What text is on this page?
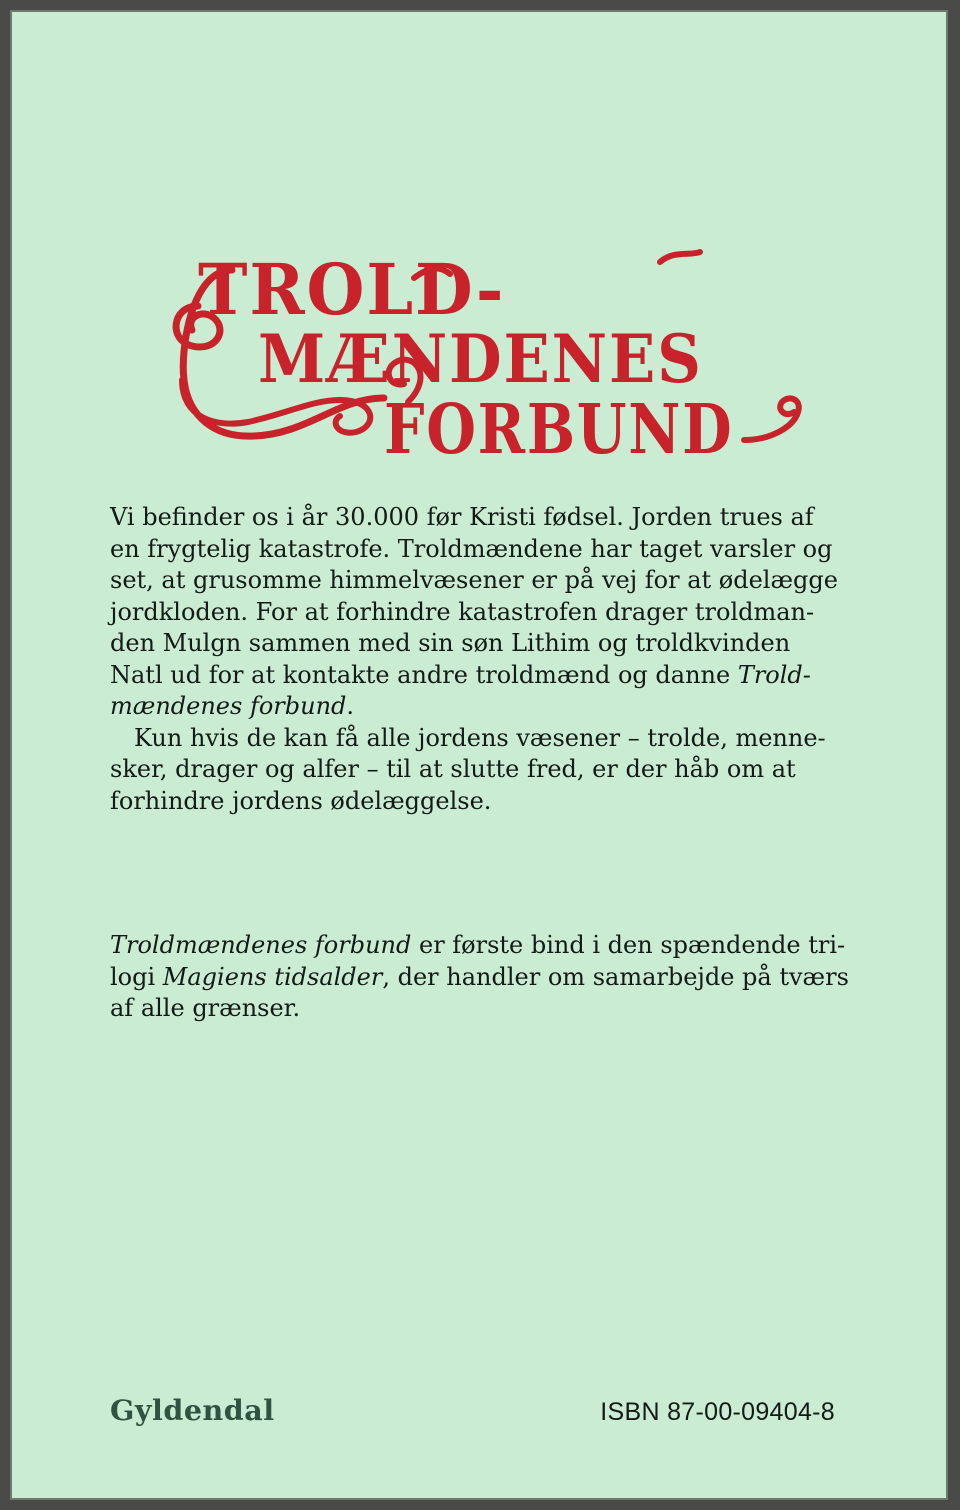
TROLD-
MÆNDENES
FORBUND

Vi befinder os i år 30.000 før Kristi fødsel. Jorden trues af
en frygtelig katastrofe. Troldmændene har taget varsler og
set, at grusomme himmelvæsener er på vej for at ødelægge
jordkloden. For at forhindre katastrofen drager troldman-
den Mulgn sammen med sin søn Lithim og troldkvinden
Natl ud for at kontakte andre troldmænd og danne Trold-
mændenes forbund.

Kun hvis de kan få alle jordens væsener – trolde, menne-
sker, drager og alfer – til at slutte fred, er der håb om at
forhindre jordens ødelæggelse.

Troldmændenes forbund er første bind i den spændende tri-
logi Magiens tidsalder, der handler om samarbejde på tværs
af alle grænser.
Gyldendal	ISBN 87-00-09404-8
